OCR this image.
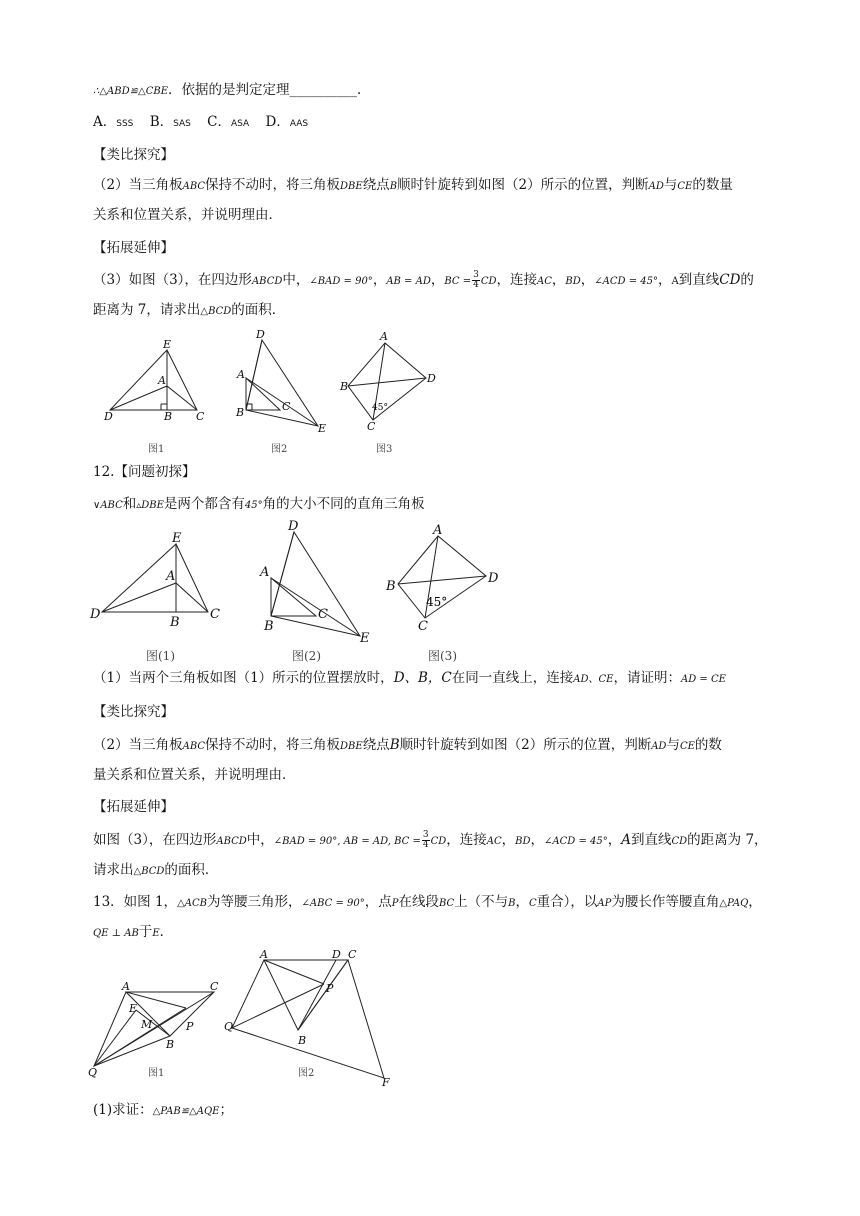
∴△ABD≌△CBE．依据的是判定定理__________．
A．SSS B．SAS C．ASA D．AAS
【类比探究】
（2）当三角板ABC保持不动时，将三角板DBE绕点B顺时针旋转到如图（2）所示的位置，判断AD与CE的数量
关系和位置关系，并说明理由．
【拓展延伸】
（3）如图（3），在四边形ABCD中，∠BAD = 90°，AB = AD，BC = $\frac{3}{4}$ CD，连接AC，BD，∠ACD = 45°，A到直线CD的
距离为 7，请求出△BCD的面积．
E
A
D	B C
图1
D
A
B	C
E
图2
A
B
D
C
45°
图3
12.【问题初探】
∨ABC和▵DBE是两个都含有45°角的大小不同的直角三角板
E
A
D
B
C
图(1)
D
A
B
C
E
图(2)
A
B
D
C
45°
图(3)
（1）当两个三角板如图（1）所示的位置摆放时，D、B，C在同一直线上，连接AD、CE，请证明：AD = CE
【类比探究】
（2）当三角板ABC保持不动时，将三角板DBE绕点B顺时针旋转到如图（2）所示的位置，判断AD与CE的数
量关系和位置关系，并说明理由．
【拓展延伸】
如图（3），在四边形ABCD中，∠BAD = 90°, AB = AD, BC = $\frac{3}{4}$ CD，连接AC，BD，∠ACD = 45°，A到直线CD的距离为 7，
请求出△BCD的面积．
13．如图 1，△ACB为等腰三角形，∠ABC = 90°，点P在线段BC上（不与B，C重合），以AP为腰长作等腰直角△PAQ，
QE ⊥ AB于E．
A	C
E
M	P
B
Q	图1
A	D C
P
B
Q
F
图2
(1)求证：△PAB≌△AQE；
